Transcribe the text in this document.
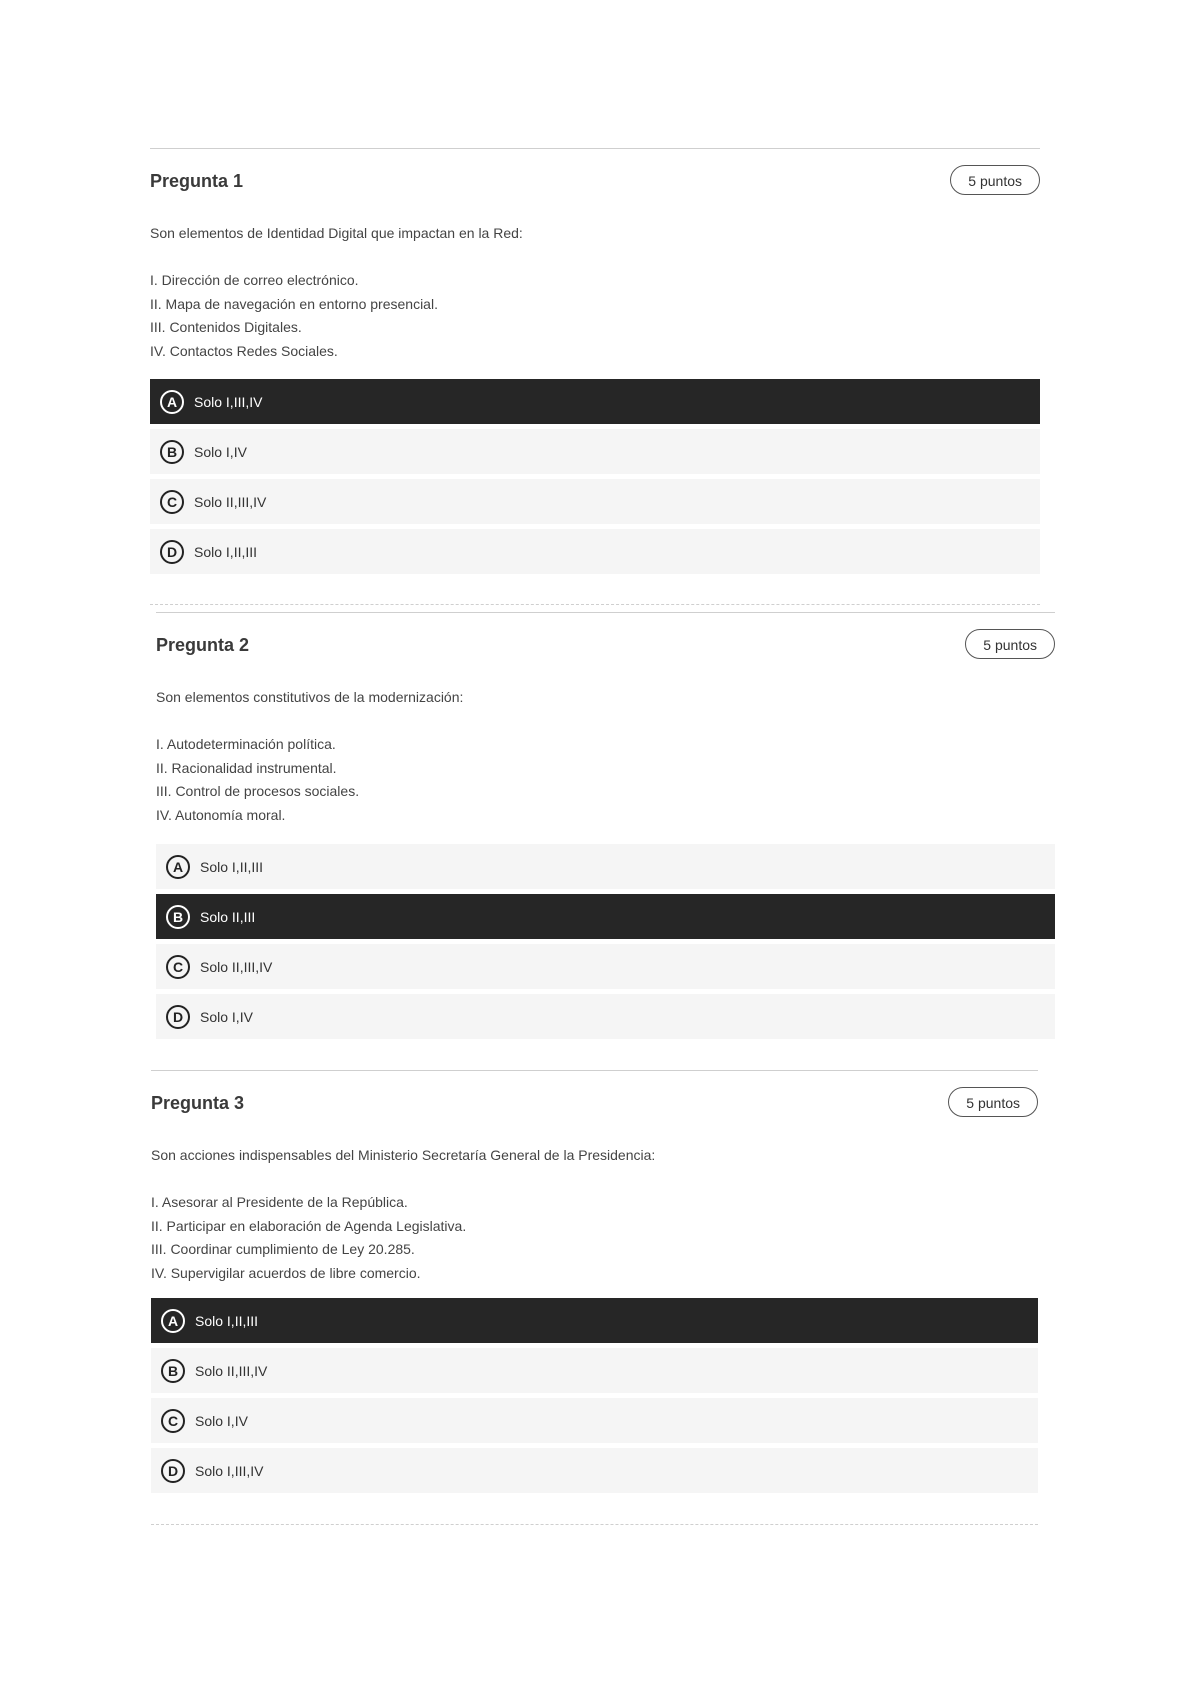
Pregunta 1	5 puntos
Son elementos de Identidad Digital que impactan en la Red:
I. Dirección de correo electrónico.
II. Mapa de navegación en entorno presencial.
III. Contenidos Digitales.
IV. Contactos Redes Sociales.
A	Solo I,III,IV
B	Solo I,IV
C	Solo II,III,IV
D	Solo I,II,III
Pregunta 2	5 puntos
Son elementos constitutivos de la modernización:
I. Autodeterminación política.
II. Racionalidad instrumental.
III. Control de procesos sociales.
IV. Autonomía moral.
A	Solo I,II,III
B	Solo II,III
C	Solo II,III,IV
D	Solo I,IV
Pregunta 3	5 puntos
Son acciones indispensables del Ministerio Secretaría General de la Presidencia:
I. Asesorar al Presidente de la República.
II. Participar en elaboración de Agenda Legislativa.
III. Coordinar cumplimiento de Ley 20.285.
IV. Supervigilar acuerdos de libre comercio.
A	Solo I,II,III
B	Solo II,III,IV
C	Solo I,IV
D	Solo I,III,IV
